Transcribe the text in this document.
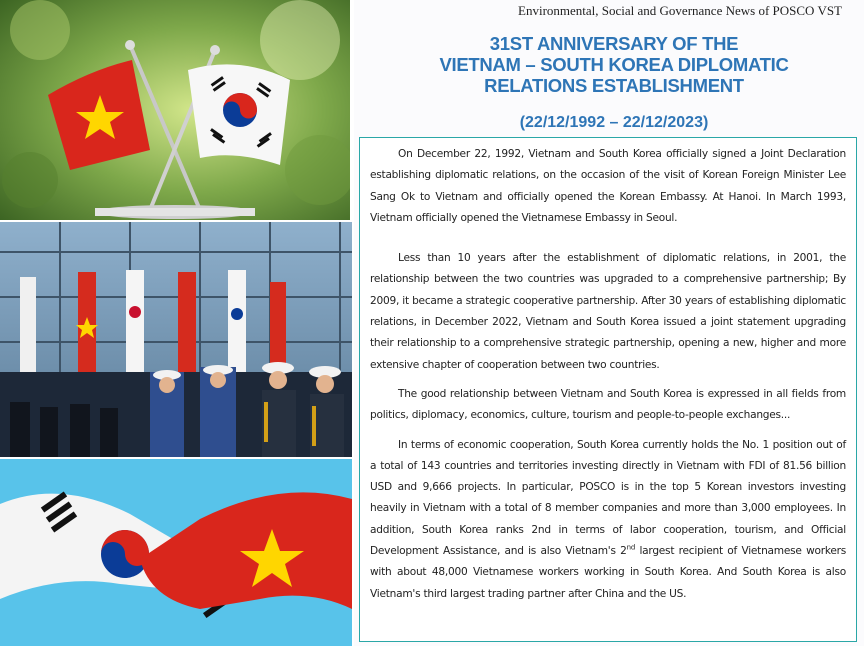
Environmental, Social and Governance News of POSCO VST
31ST ANNIVERSARY OF THE
VIETNAM – SOUTH KOREA DIPLOMATIC
RELATIONS ESTABLISHMENT
(22/12/1992 – 22/12/2023)

On December 22, 1992, Vietnam and South Korea officially signed a Joint Declaration establishing diplomatic relations, on the occasion of the visit of Korean Foreign Minister Lee Sang Ok to Vietnam and officially opened the Korean Embassy. At Hanoi. In March 1993, Vietnam officially opened the Vietnamese Embassy in Seoul.

Less than 10 years after the establishment of diplomatic relations, in 2001, the relationship between the two countries was upgraded to a comprehensive partnership; By 2009, it became a strategic cooperative partnership. After 30 years of establishing diplomatic relations, in December 2022, Vietnam and South Korea issued a joint statement upgrading their relationship to a comprehensive strategic partnership, opening a new, higher and more extensive chapter of cooperation between two countries.

The good relationship between Vietnam and South Korea is expressed in all fields from politics, diplomacy, economics, culture, tourism and people-to-people exchanges...

In terms of economic cooperation, South Korea currently holds the No. 1 position out of a total of 143 countries and territories investing directly in Vietnam with FDI of 81.56 billion USD and 9,666 projects. In particular, POSCO is in the top 5 Korean investors investing heavily in Vietnam with a total of 8 member companies and more than 3,000 employees. In addition, South Korea ranks 2nd in terms of labor cooperation, tourism, and Official Development Assistance, and is also Vietnam's 2nd largest recipient of Vietnamese workers with about 48,000 Vietnamese workers working in South Korea. And South Korea is also Vietnam's third largest trading partner after China and the US.
